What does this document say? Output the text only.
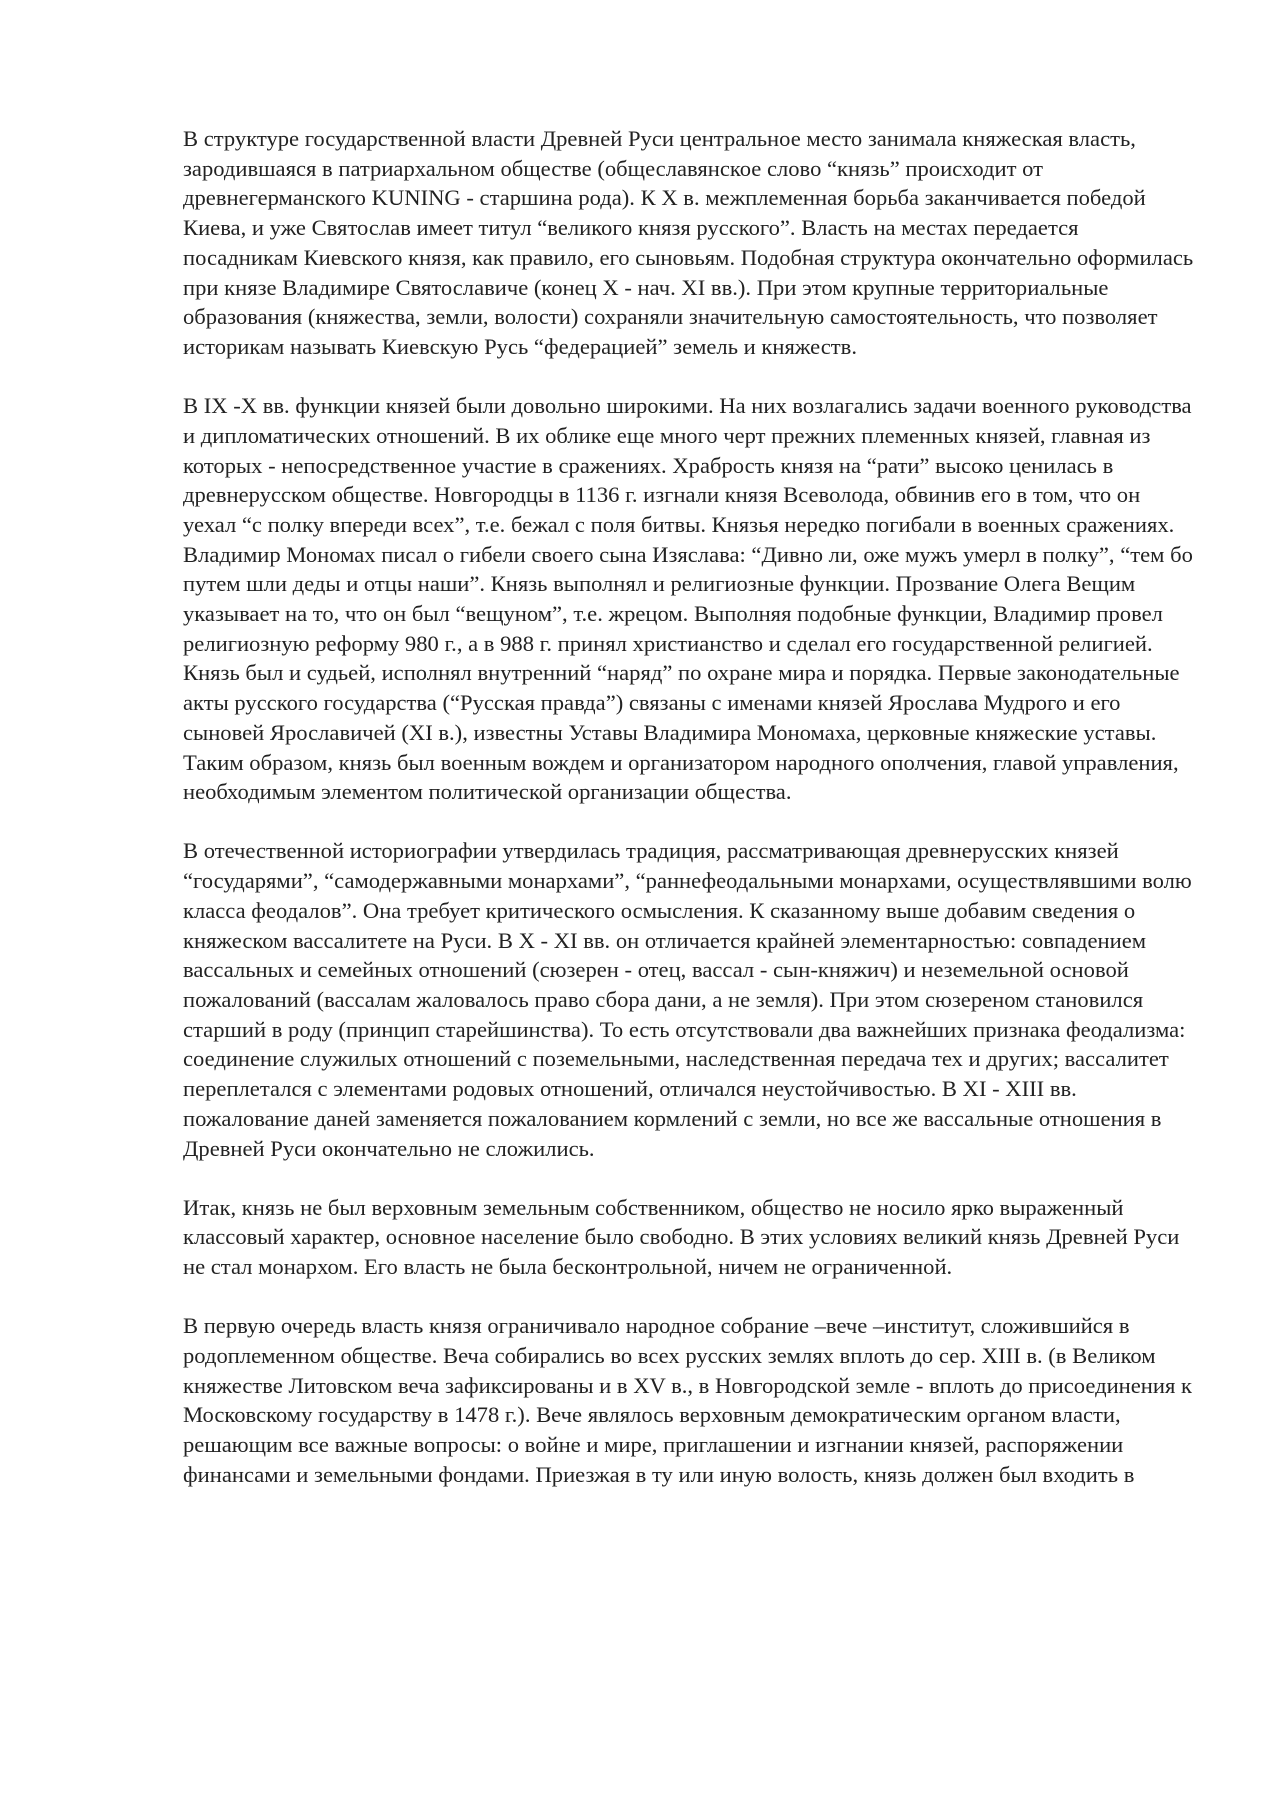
В структуре государственной власти Древней Руси центральное место занимала княжеская власть, зародившаяся в патриархальном обществе (общеславянское слово “князь” происходит от древнегерманского KUNING - старшина рода). К X в. межплеменная борьба заканчивается победой Киева, и уже Святослав имеет титул “великого князя русского”. Власть на местах передается посадникам Киевского князя, как правило, его сыновьям. Подобная структура окончательно оформилась при князе Владимире Святославиче (конец X - нач. XI вв.). При этом крупные территориальные образования (княжества, земли, волости) сохраняли значительную самостоятельность, что позволяет историкам называть Киевскую Русь “федерацией” земель и княжеств.

В IX -X вв. функции князей были довольно широкими. На них возлагались задачи военного руководства и дипломатических отношений. В их облике еще много черт прежних племенных князей, главная из которых - непосредственное участие в сражениях. Храбрость князя на “рати” высоко ценилась в древнерусском обществе. Новгородцы в 1136 г. изгнали князя Всеволода, обвинив его в том, что он уехал “с полку впереди всех”, т.е. бежал с поля битвы. Князья нередко погибали в военных сражениях. Владимир Мономах писал о гибели своего сына Изяслава: “Дивно ли, оже мужъ умерл в полку”, “тем бо путем шли деды и отцы наши”. Князь выполнял и религиозные функции. Прозвание Олега Вещим указывает на то, что он был “вещуном”, т.е. жрецом. Выполняя подобные функции, Владимир провел религиозную реформу 980 г., а в 988 г. принял христианство и сделал его государственной религией. Князь был и судьей, исполнял внутренний “наряд” по охране мира и порядка. Первые законодательные акты русского государства (“Русская правда”) связаны с именами князей Ярослава Мудрого и его сыновей Ярославичей (XI в.), известны Уставы Владимира Мономаха, церковные княжеские уставы. Таким образом, князь был военным вождем и организатором народного ополчения, главой управления, необходимым элементом политической организации общества.

В отечественной историографии утвердилась традиция, рассматривающая древнерусских князей “государями”, “самодержавными монархами”, “раннефеодальными монархами, осуществлявшими волю класса феодалов”. Она требует критического осмысления. К сказанному выше добавим сведения о княжеском вассалитете на Руси. В X - XI вв. он отличается крайней элементарностью: совпадением вассальных и семейных отношений (сюзерен - отец, вассал - сын-княжич) и неземельной основой пожалований (вассалам жаловалось право сбора дани, а не земля). При этом сюзереном становился старший в роду (принцип старейшинства). То есть отсутствовали два важнейших признака феодализма: соединение служилых отношений с поземельными, наследственная передача тех и других; вассалитет переплетался с элементами родовых отношений, отличался неустойчивостью. В XI - XIII вв. пожалование даней заменяется пожалованием кормлений с земли, но все же вассальные отношения в Древней Руси окончательно не сложились.

Итак, князь не был верховным земельным собственником, общество не носило ярко выраженный классовый характер, основное население было свободно. В этих условиях великий князь Древней Руси не стал монархом. Его власть не была бесконтрольной, ничем не ограниченной.

В первую очередь власть князя ограничивало народное собрание –вече –институт, сложившийся в родоплеменном обществе. Веча собирались во всех русских землях вплоть до сер. XIII в. (в Великом княжестве Литовском веча зафиксированы и в XV в., в Новгородской земле - вплоть до присоединения к Московскому государству в 1478 г.). Вече являлось верховным демократическим органом власти, решающим все важные вопросы: о войне и мире, приглашении и изгнании князей, распоряжении финансами и земельными фондами. Приезжая в ту или иную волость, князь должен был входить в
